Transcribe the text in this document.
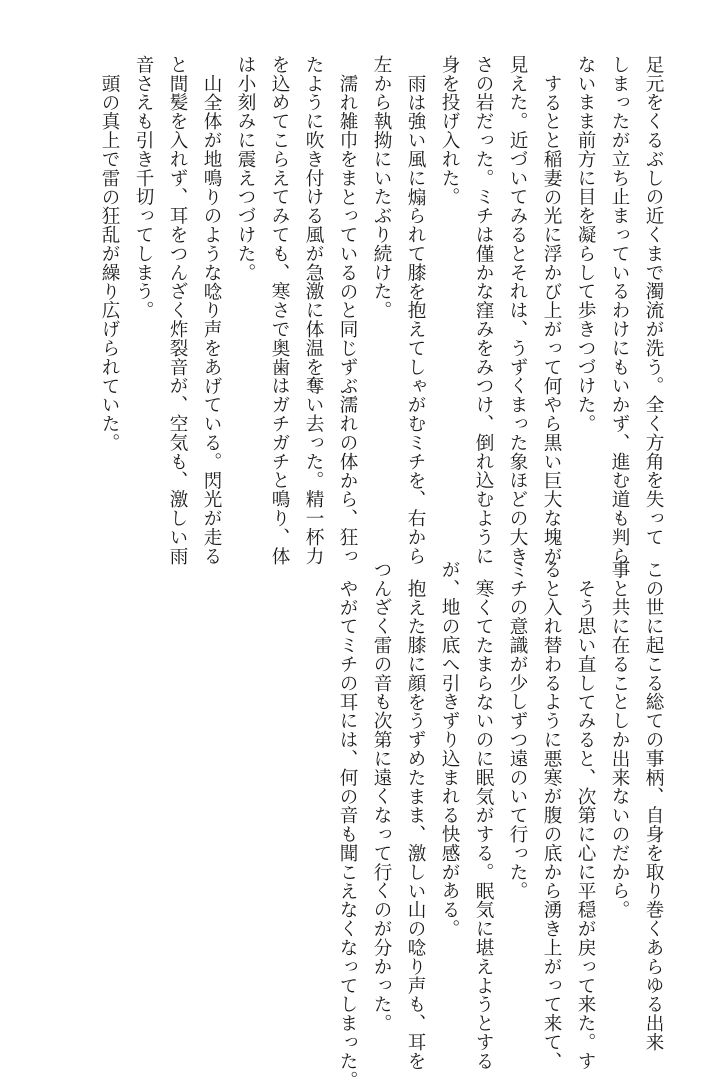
足元をくるぶしの近くまで濁流が洗う。全く方角を失って
しまったが立ち止まっているわけにもいかず、進む道も判ら
ないまま前方に目を凝らして歩きつづけた。
するとと稲妻の光に浮かび上がって何やら黒い巨大な塊が
見えた。近づいてみるとそれは、うずくまった象ほどの大き
さの岩だった。ミチは僅かな窪みをみつけ、倒れ込むように
身を投げ入れた。
雨は強い風に煽られて膝を抱えてしゃがむミチを、右から
左から執拗にいたぶり続けた。
濡れ雑巾をまとっているのと同じずぶ濡れの体から、狂っ
たように吹き付ける風が急激に体温を奪い去った。精一杯力
を込めてこらえてみても、寒さで奥歯はガチガチと鳴り、体
は小刻みに震えつづけた。
山全体が地鳴りのような唸り声をあげている。閃光が走る
と間髪を入れず、耳をつんざく炸裂音が、空気も、激しい雨
音さえも引き千切ってしまう。
頭の真上で雷の狂乱が繰り広げられていた。
この世に起こる総ての事柄、自身を取り巻くあらゆる出来
事と共に在ることしか出来ないのだから。
そう思い直してみると、次第に心に平穏が戻って来た。す
ると入れ替わるように悪寒が腹の底から湧き上がって来て、
ミチの意識が少しずつ遠のいて行った。
寒くてたまらないのに眠気がする。眠気に堪えようとする
が、地の底へ引きずり込まれる快感がある。
抱えた膝に顔をうずめたまま、激しい山の唸り声も、耳を
つんざく雷の音も次第に遠くなって行くのが分かった。
やがてミチの耳には、何の音も聞こえなくなってしまった。
